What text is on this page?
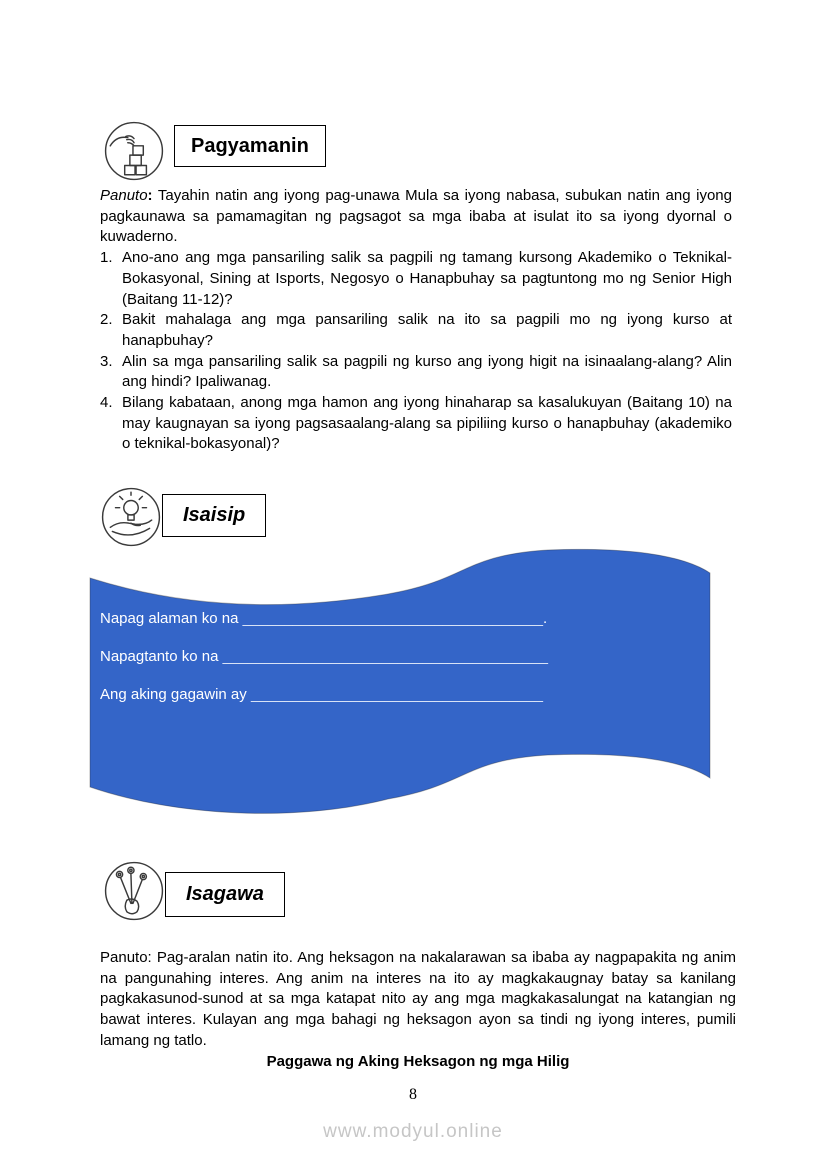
Pagyamanin

Panuto: Tayahin natin ang iyong pag-unawa Mula sa iyong nabasa, subukan natin ang iyong pagkaunawa sa pamamagitan ng pagsagot sa mga ibaba at isulat ito sa iyong dyornal o kuwaderno.

1. Ano-ano ang mga pansariling salik sa pagpili ng tamang kursong Akademiko o Teknikal-Bokasyonal, Sining at Isports, Negosyo o Hanapbuhay sa pagtuntong mo ng Senior High (Baitang 11-12)?
2. Bakit mahalaga ang mga pansariling salik na ito sa pagpili mo ng iyong kurso at hanapbuhay?
3. Alin sa mga pansariling salik sa pagpili ng kurso ang iyong higit na isinaalang-alang? Alin ang hindi? Ipaliwanag.
4. Bilang kabataan, anong mga hamon ang iyong hinaharap sa kasalukuyan (Baitang 10) na may kaugnayan sa iyong pagsasaalang-alang sa pipiliing kurso o hanapbuhay (akademiko o teknikal-bokasyonal)?
Isaisip
Napag alaman ko na ____________________________________.
Napagtanto ko na _______________________________________
Ang aking gagawin ay ___________________________________
Isagawa

Panuto: Pag-aralan natin ito. Ang heksagon na nakalarawan sa ibaba ay nagpapakita ng anim na pangunahing interes. Ang anim na interes na ito ay magkakaugnay batay sa kanilang pagkakasunod-sunod at sa mga katapat nito ay ang mga magkakasalungat na katangian ng bawat interes. Kulayan ang mga bahagi ng heksagon ayon sa tindi ng iyong interes, pumili lamang ng tatlo.

Paggawa ng Aking Heksagon ng mga Hilig

8
www.modyul.online
